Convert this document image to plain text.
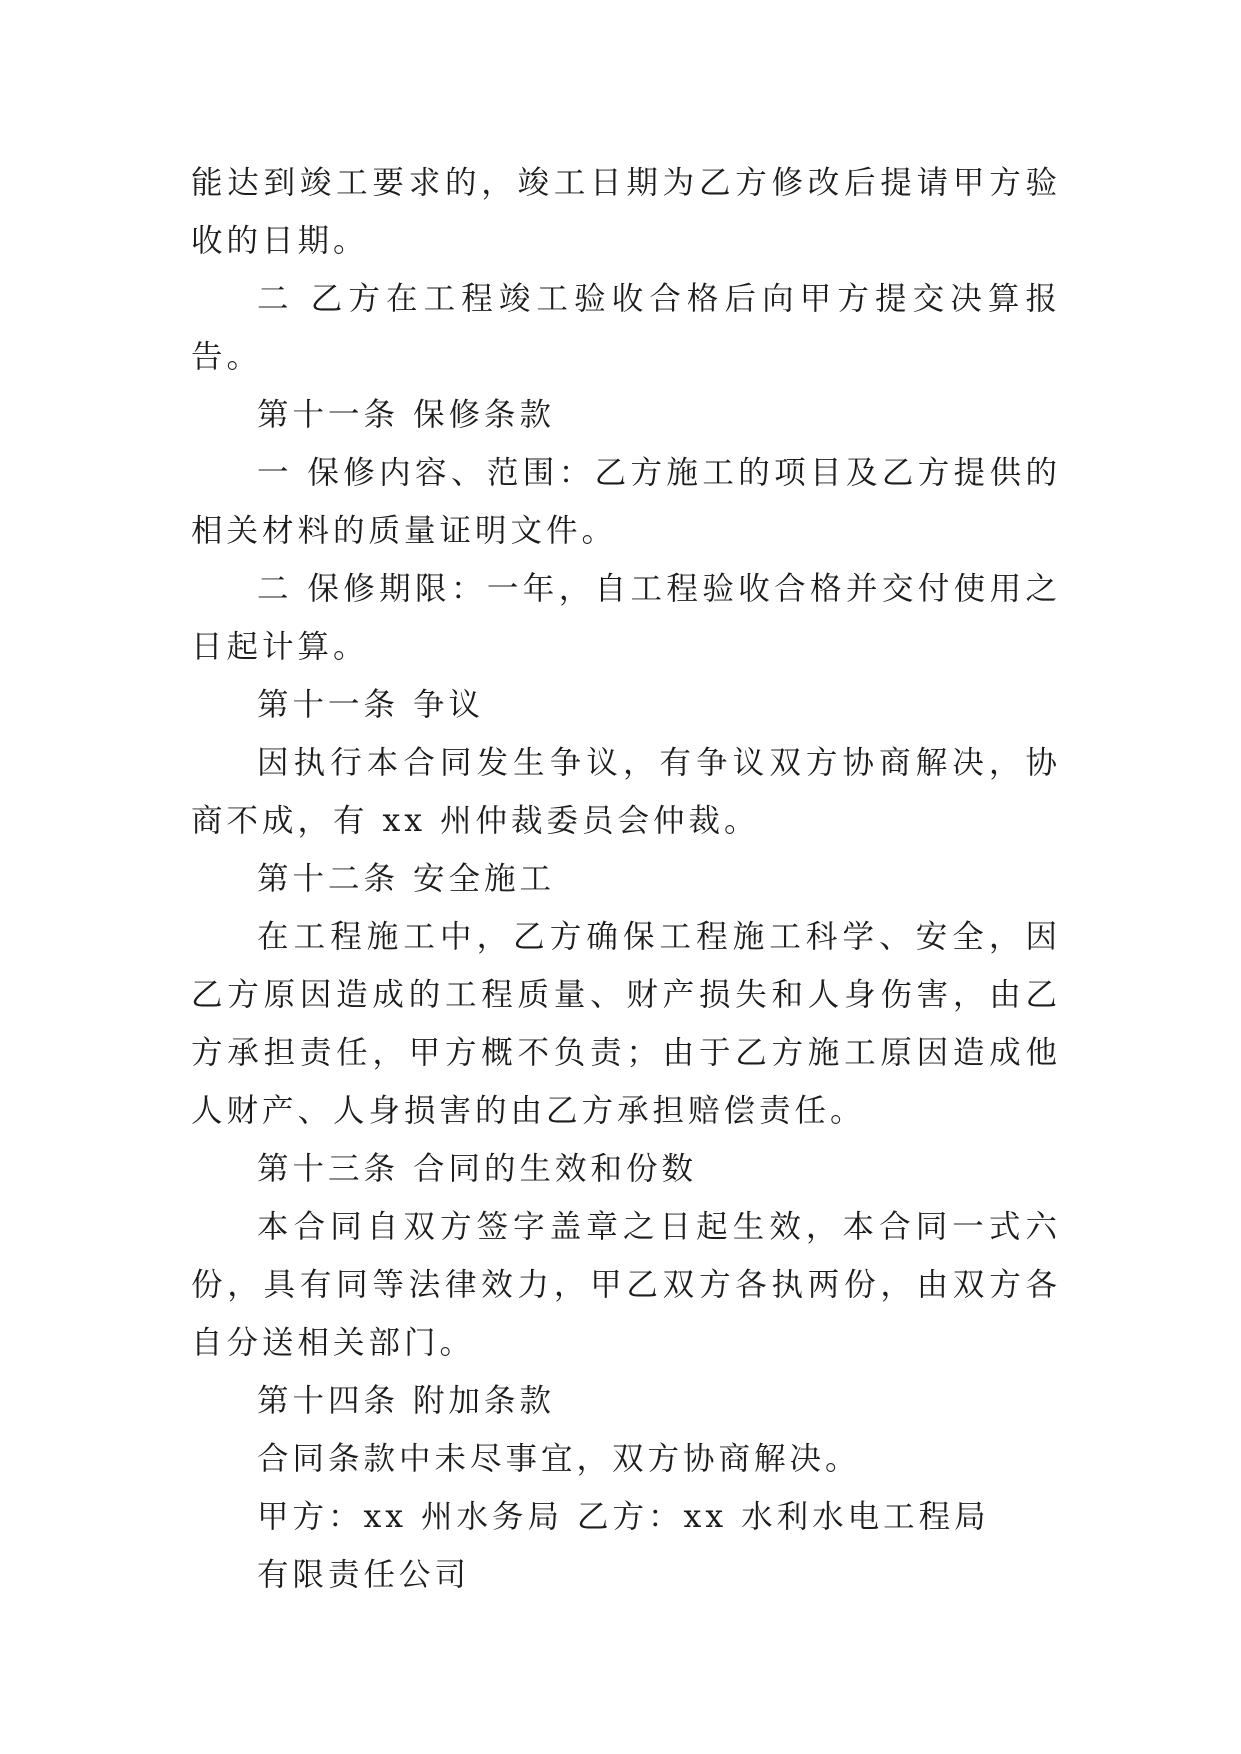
能达到竣工要求的，竣工日期为乙方修改后提请甲方验收的日期。

二 乙方在工程竣工验收合格后向甲方提交决算报告。

第十一条 保修条款

一 保修内容、范围：乙方施工的项目及乙方提供的相关材料的质量证明文件。

二 保修期限：一年，自工程验收合格并交付使用之日起计算。

第十一条 争议

因执行本合同发生争议，有争议双方协商解决，协商不成，有 xx 州仲裁委员会仲裁。

第十二条 安全施工

在工程施工中，乙方确保工程施工科学、安全，因乙方原因造成的工程质量、财产损失和人身伤害，由乙方承担责任，甲方概不负责；由于乙方施工原因造成他人财产、人身损害的由乙方承担赔偿责任。

第十三条 合同的生效和份数

本合同自双方签字盖章之日起生效，本合同一式六份，具有同等法律效力，甲乙双方各执两份，由双方各自分送相关部门。

第十四条 附加条款

合同条款中未尽事宜，双方协商解决。

甲方：xx 州水务局 乙方：xx 水利水电工程局

有限责任公司
